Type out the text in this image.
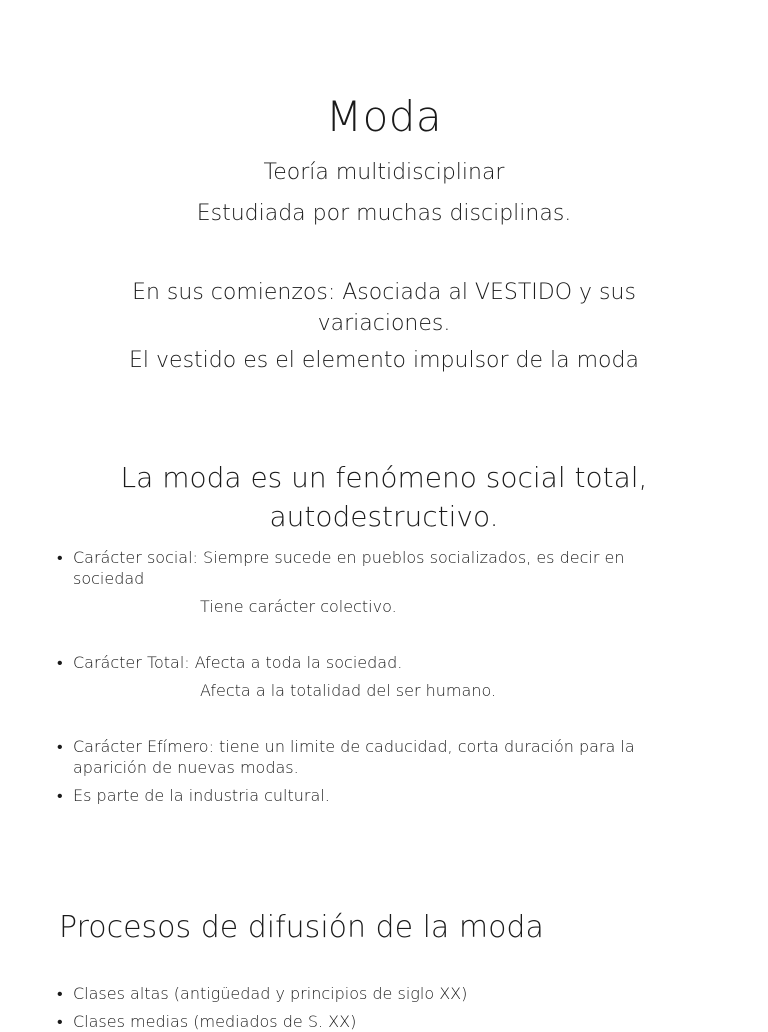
Moda
Teoría multidisciplinar
Estudiada por muchas disciplinas.
En sus comienzos: Asociada al VESTIDO y sus
variaciones.
El vestido es el elemento impulsor de la moda
La moda es un fenómeno social total,
autodestructivo.
• Carácter social: Siempre sucede en pueblos socializados, es decir en
sociedad
Tiene carácter colectivo.
• Carácter Total: Afecta a toda la sociedad.
Afecta a la totalidad del ser humano.
• Carácter Efímero: tiene un limite de caducidad, corta duración para la
aparición de nuevas modas.
• Es parte de la industria cultural.
Procesos de difusión de la moda
• Clases altas (antigüedad y principios de siglo XX)
• Clases medias (mediados de S. XX)
